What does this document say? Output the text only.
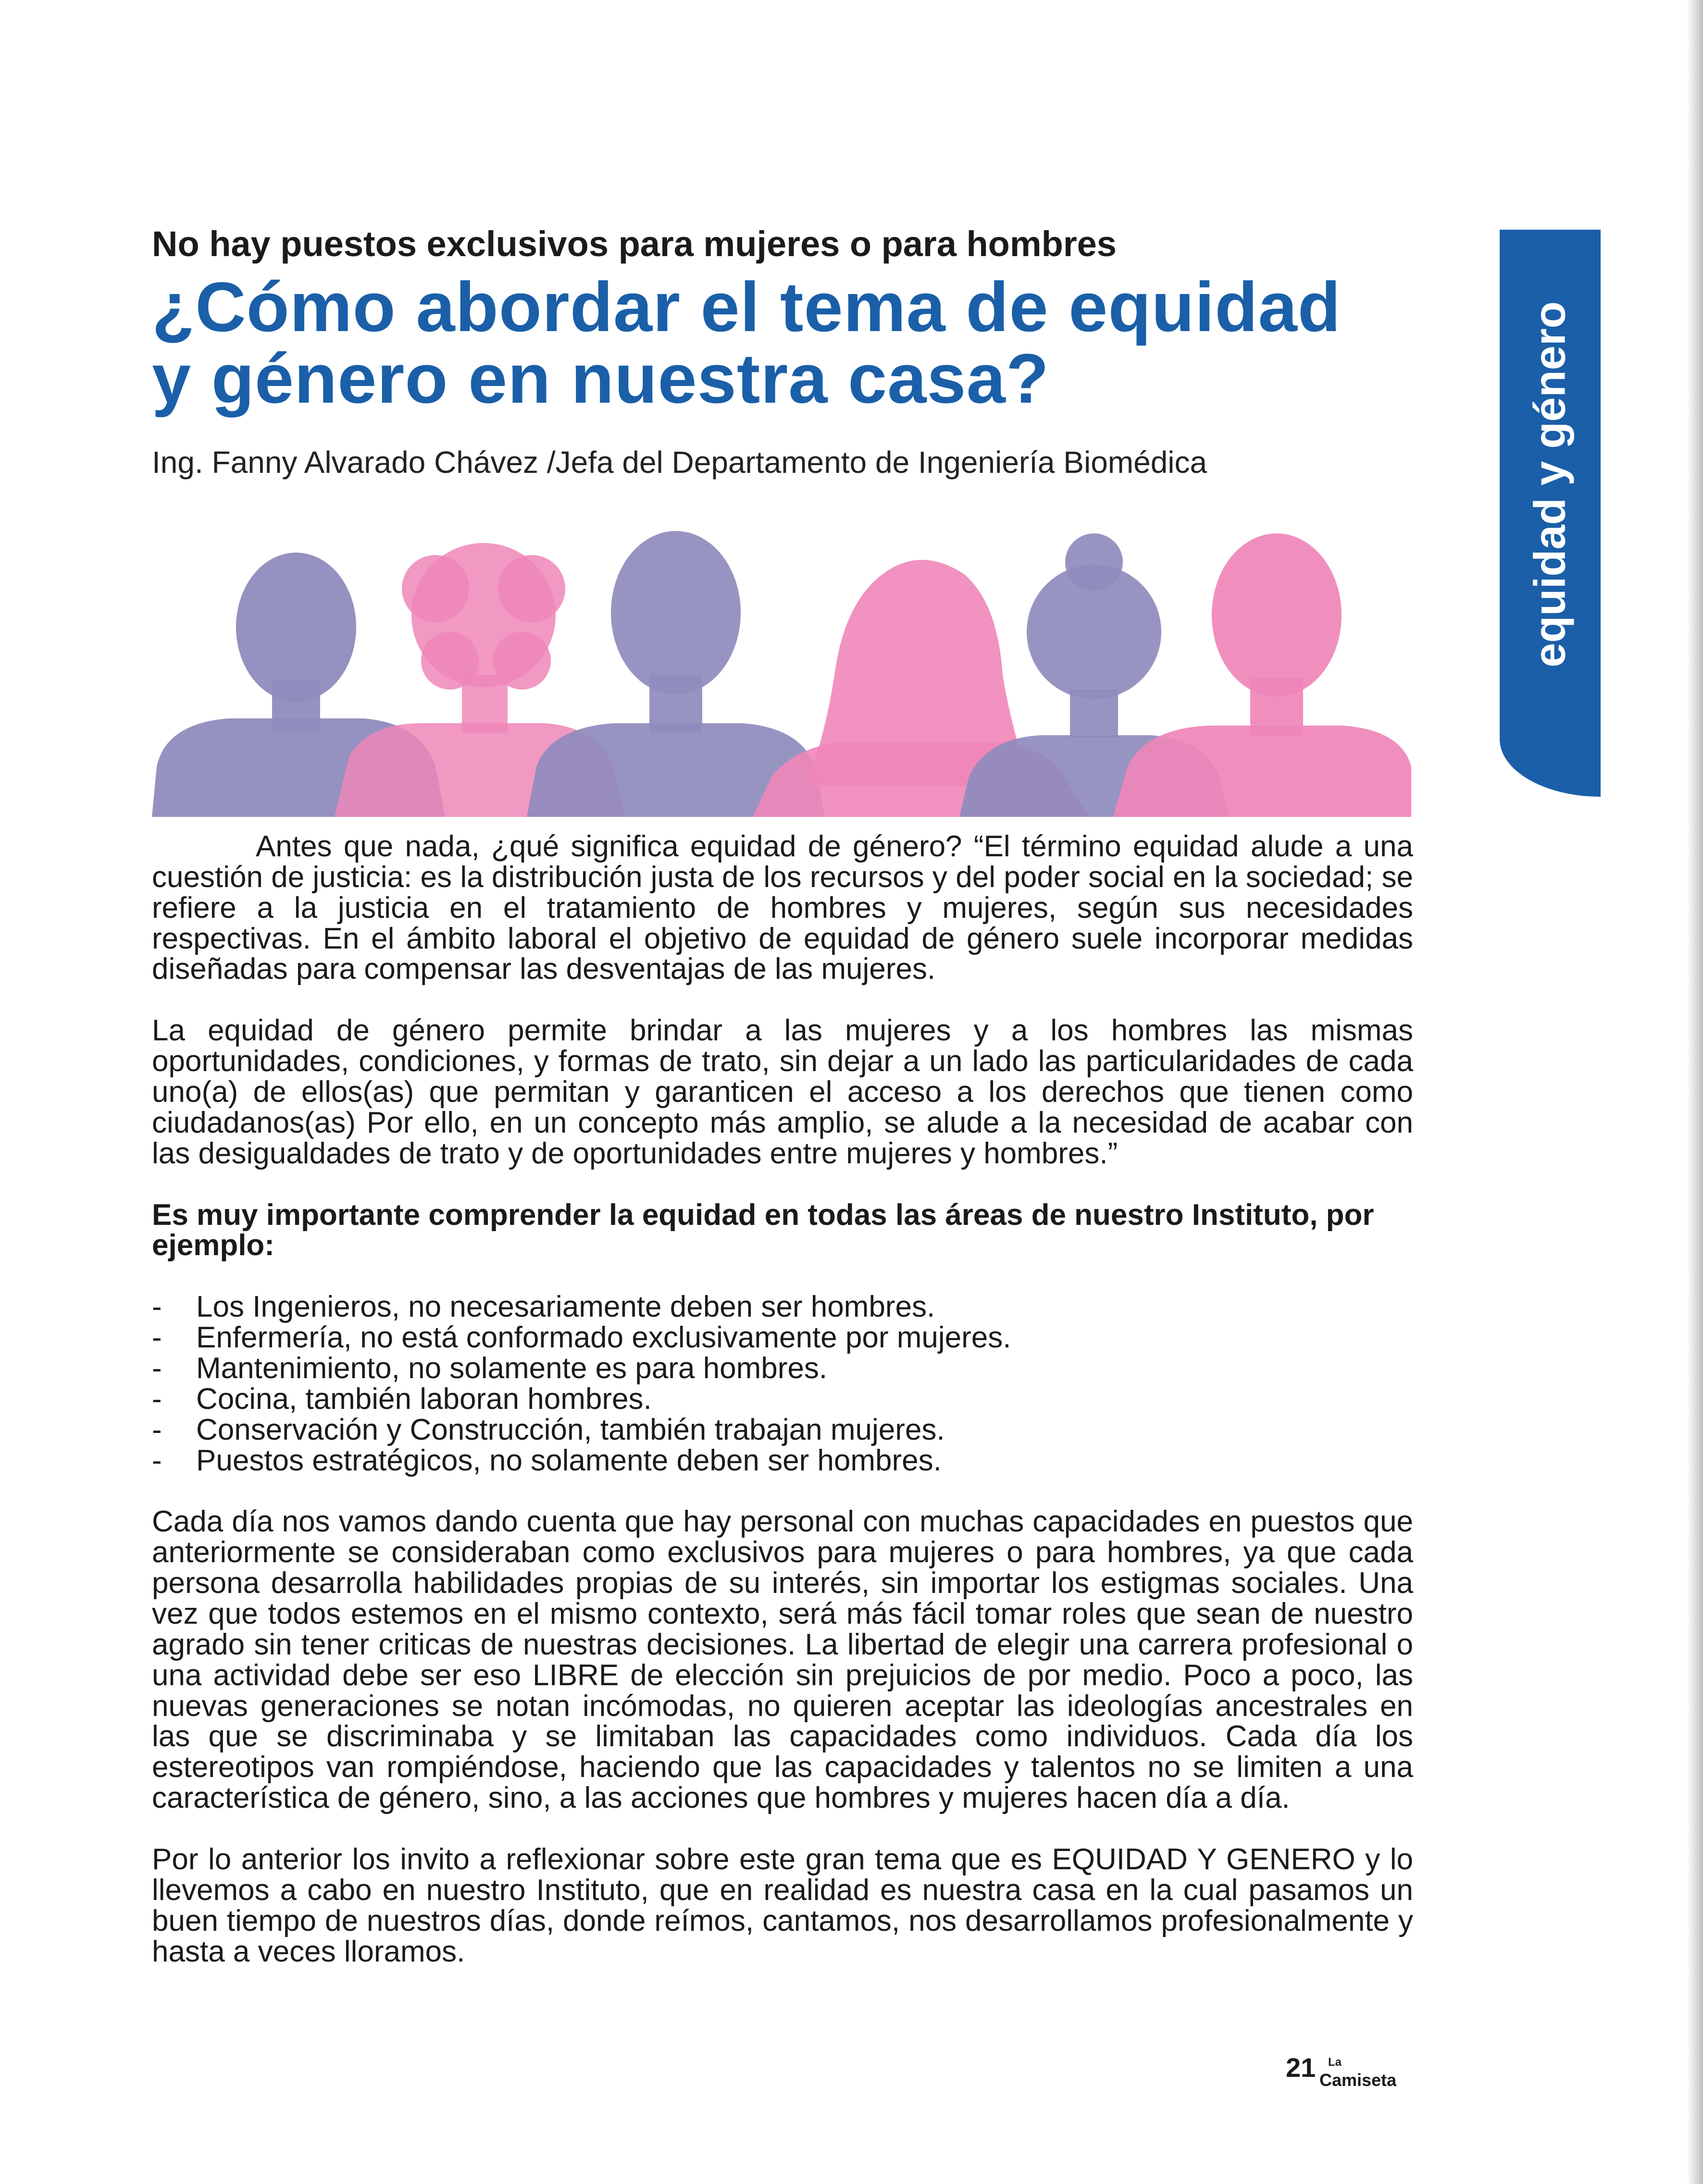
No hay puestos exclusivos para mujeres o para hombres
¿Cómo abordar el tema de equidad
y género en nuestra casa?

Ing. Fanny Alvarado Chávez /Jefa del Departamento de Ingeniería Biomédica	equidad y género

Antes que nada, ¿qué significa equidad de género? “El término equidad alude a una cuestión de justicia: es la distribución justa de los recursos y del poder social en la sociedad; se refiere a la justicia en el tratamiento de hombres y mujeres, según sus necesidades respectivas. En el ámbito laboral el objetivo de equidad de género suele incorporar medidas diseñadas para compensar las desventajas de las mujeres.

La equidad de género permite brindar a las mujeres y a los hombres las mismas oportunidades, condiciones, y formas de trato, sin dejar a un lado las particularidades de cada uno(a) de ellos(as) que permitan y garanticen el acceso a los derechos que tienen como ciudadanos(as) Por ello, en un concepto más amplio, se alude a la necesidad de acabar con las desigualdades de trato y de oportunidades entre mujeres y hombres.”

Es muy importante comprender la equidad en todas las áreas de nuestro Instituto, por ejemplo:

- Los Ingenieros, no necesariamente deben ser hombres.
- Enfermería, no está conformado exclusivamente por mujeres.
- Mantenimiento, no solamente es para hombres.
- Cocina, también laboran hombres.
- Conservación y Construcción, también trabajan mujeres.
- Puestos estratégicos, no solamente deben ser hombres.

Cada día nos vamos dando cuenta que hay personal con muchas capacidades en puestos que anteriormente se consideraban como exclusivos para mujeres o para hombres, ya que cada persona desarrolla habilidades propias de su interés, sin importar los estigmas sociales. Una vez que todos estemos en el mismo contexto, será más fácil tomar roles que sean de nuestro agrado sin tener criticas de nuestras decisiones. La libertad de elegir una carrera profesional o una actividad debe ser eso LIBRE de elección sin prejuicios de por medio. Poco a poco, las nuevas generaciones se notan incómodas, no quieren aceptar las ideologías ancestrales en las que se discriminaba y se limitaban las capacidades como individuos. Cada día los estereotipos van rompiéndose, haciendo que las capacidades y talentos no se limiten a una característica de género, sino, a las acciones que hombres y mujeres hacen día a día.

Por lo anterior los invito a reflexionar sobre este gran tema que es EQUIDAD Y GENERO y lo llevemos a cabo en nuestro Instituto, que en realidad es nuestra casa en la cual pasamos un buen tiempo de nuestros días, donde reímos, cantamos, nos desarrollamos profesionalmente y hasta a veces lloramos.

21 La
Camiseta
